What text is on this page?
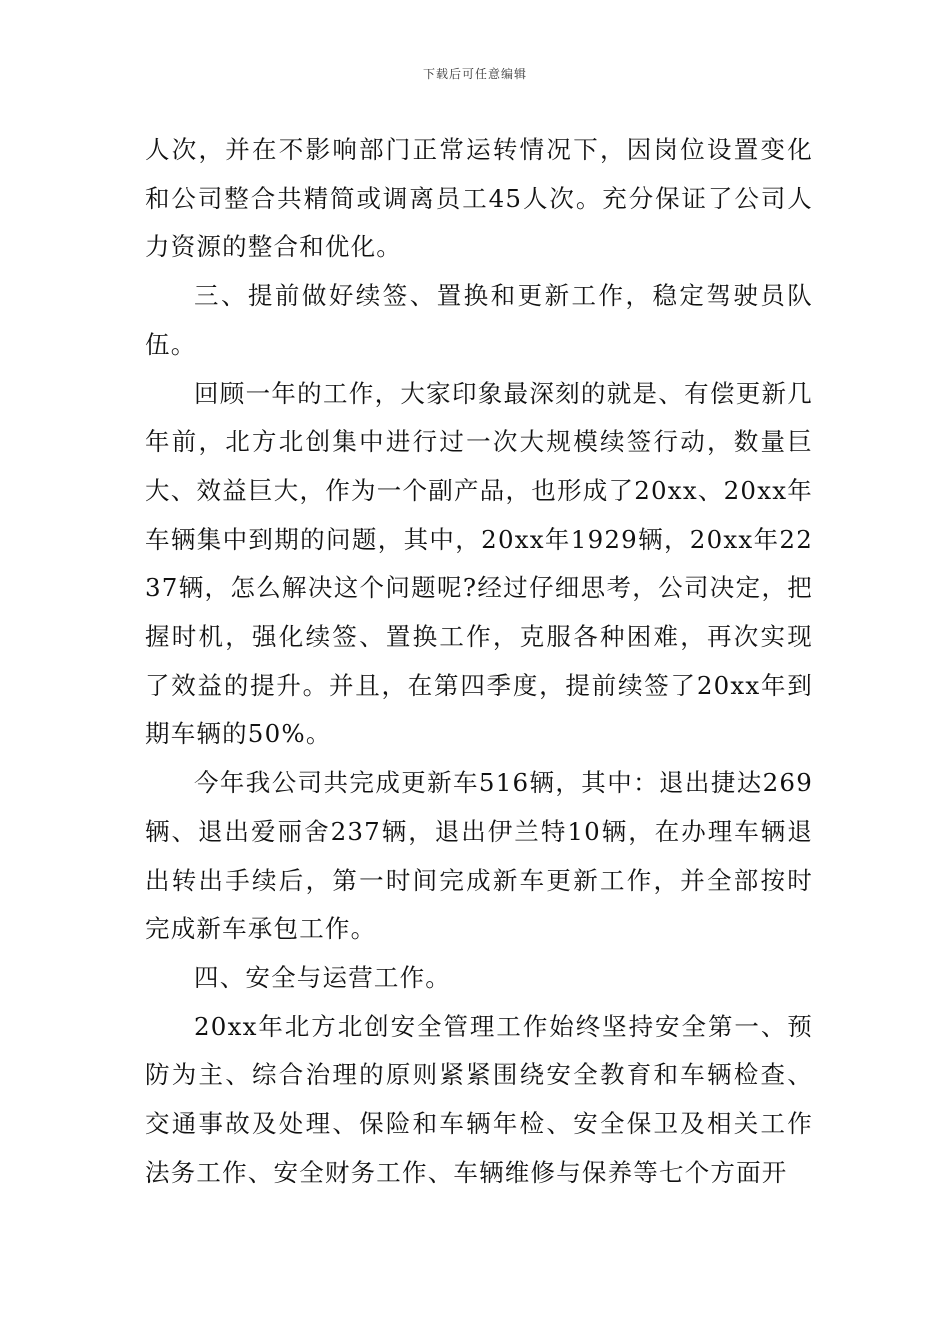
下载后可任意编辑

人次，并在不影响部门正常运转情况下，因岗位设置变化和公司整合共精简或调离员工45人次。充分保证了公司人力资源的整合和优化。

三、提前做好续签、置换和更新工作，稳定驾驶员队伍。

回顾一年的工作，大家印象最深刻的就是、有偿更新几年前，北方北创集中进行过一次大规模续签行动，数量巨大、效益巨大，作为一个副产品，也形成了20xx、20xx年车辆集中到期的问题，其中，20xx年1929辆，20xx年2237辆，怎么解决这个问题呢?经过仔细思考，公司决定，把握时机，强化续签、置换工作，克服各种困难，再次实现了效益的提升。并且，在第四季度，提前续签了20xx年到期车辆的50%。

今年我公司共完成更新车516辆，其中：退出捷达269辆、退出爱丽舍237辆，退出伊兰特10辆，在办理车辆退出转出手续后，第一时间完成新车更新工作，并全部按时完成新车承包工作。

四、安全与运营工作。

20xx年北方北创安全管理工作始终坚持安全第一、预防为主、综合治理的原则紧紧围绕安全教育和车辆检查、交通事故及处理、保险和车辆年检、安全保卫及相关工作法务工作、安全财务工作、车辆维修与保养等七个方面开
